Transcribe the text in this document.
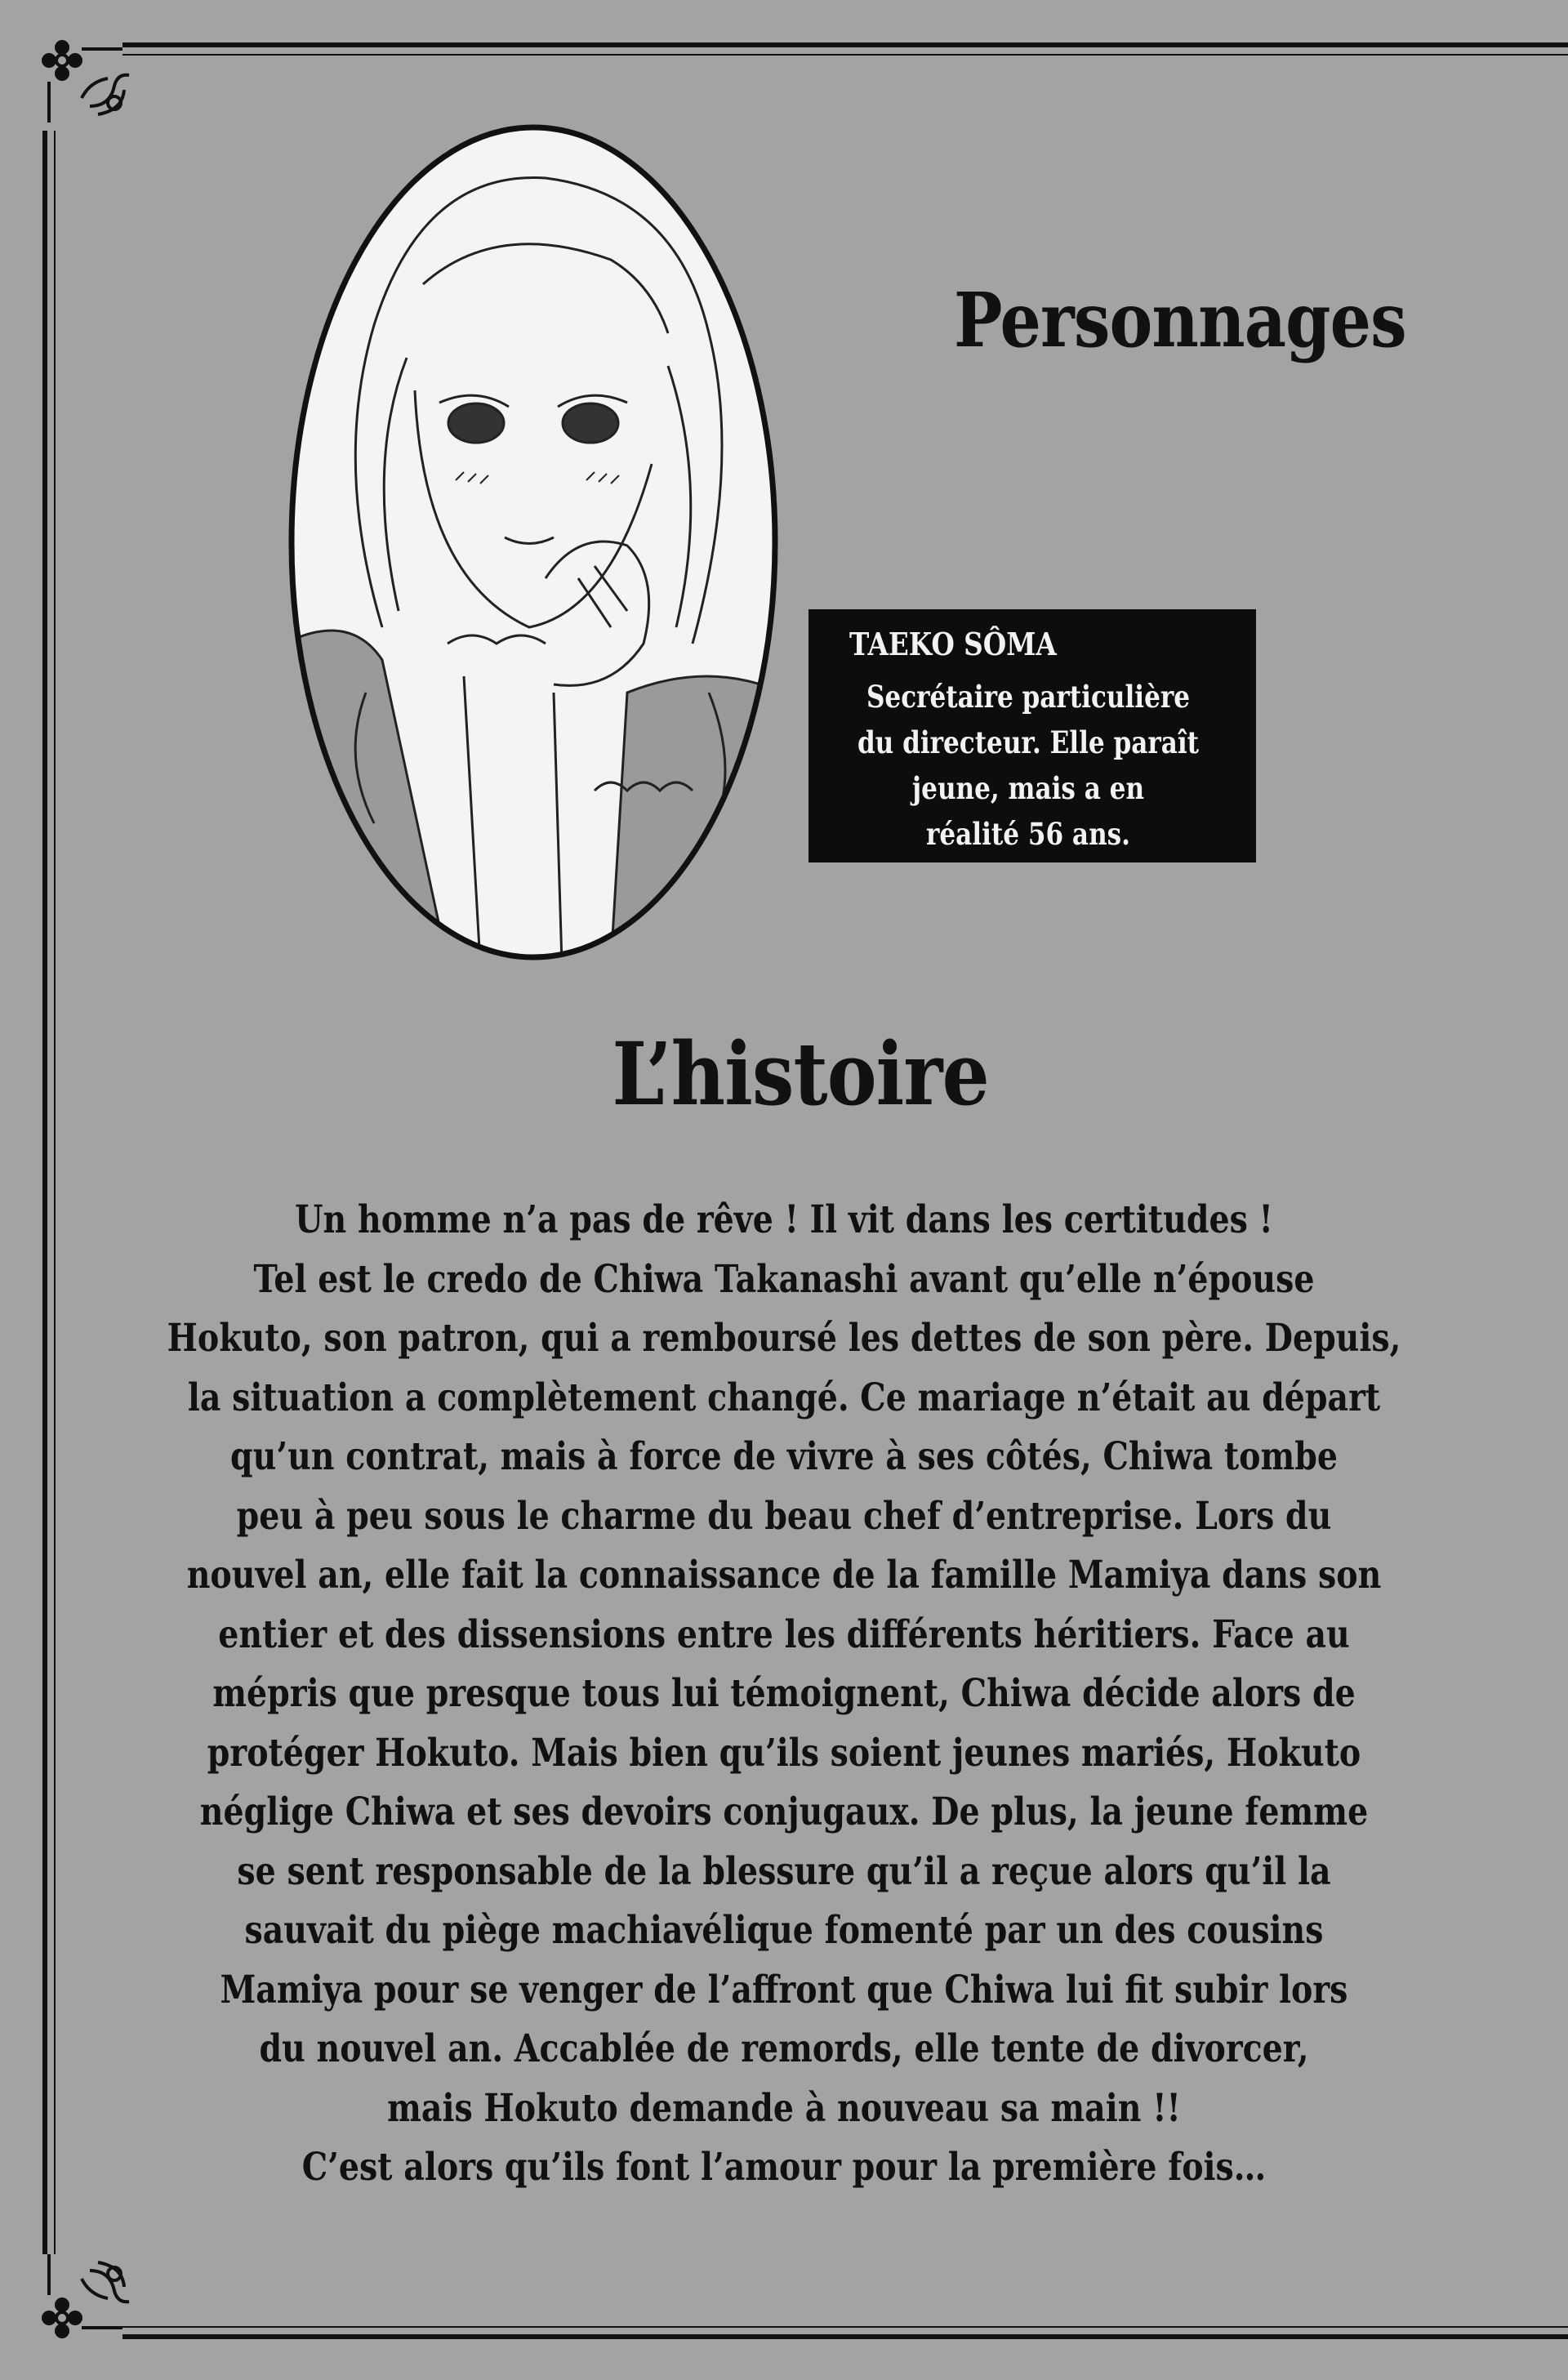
Personnages
TAEKO SÔMA
Secrétaire particulière
du directeur. Elle paraît
jeune, mais a en
réalité 56 ans.
L’histoire
Un homme n’a pas de rêve ! Il vit dans les certitudes !
Tel est le credo de Chiwa Takanashi avant qu’elle n’épouse
Hokuto, son patron, qui a remboursé les dettes de son père. Depuis,
la situation a complètement changé. Ce mariage n’était au départ
qu’un contrat, mais à force de vivre à ses côtés, Chiwa tombe
peu à peu sous le charme du beau chef d’entreprise. Lors du
nouvel an, elle fait la connaissance de la famille Mamiya dans son
entier et des dissensions entre les différents héritiers. Face au
mépris que presque tous lui témoignent, Chiwa décide alors de
protéger Hokuto. Mais bien qu’ils soient jeunes mariés, Hokuto
néglige Chiwa et ses devoirs conjugaux. De plus, la jeune femme
se sent responsable de la blessure qu’il a reçue alors qu’il la
sauvait du piège machiavélique fomenté par un des cousins
Mamiya pour se venger de l’affront que Chiwa lui fit subir lors
du nouvel an. Accablée de remords, elle tente de divorcer,
mais Hokuto demande à nouveau sa main !!
C’est alors qu’ils font l’amour pour la première fois…
